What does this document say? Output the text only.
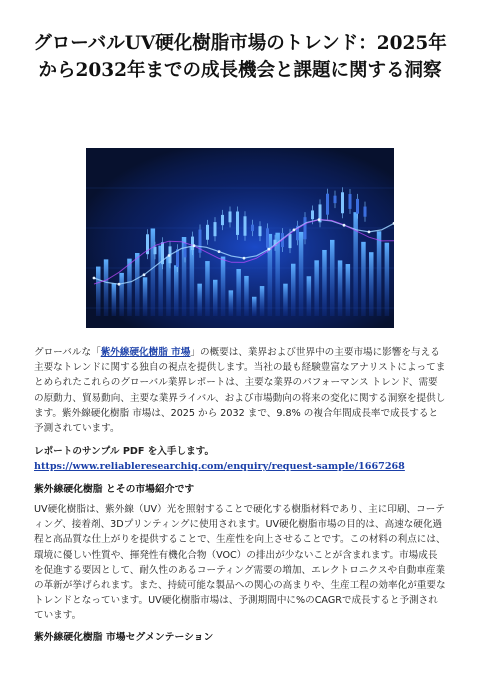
グローバルUV硬化樹脂市場のトレンド：2025年から2032年までの成長機会と課題に関する洞察

グローバルな「紫外線硬化樹脂 市場」の概要は、業界および世界中の主要市場に影響を与える主要なトレンドに関する独自の視点を提供します。当社の最も経験豊富なアナリストによってまとめられたこれらのグローバル業界レポートは、主要な業界のパフォーマンス トレンド、需要の原動力、貿易動向、主要な業界ライバル、および市場動向の将来の変化に関する洞察を提供します。紫外線硬化樹脂 市場は、2025 から 2032 まで、9.8% の複合年間成長率で成長すると予測されています。

レポートのサンプル PDF を入手します。 https://www.reliableresearchiq.com/enquiry/request-sample/1667268

紫外線硬化樹脂 とその市場紹介です

UV硬化樹脂は、紫外線（UV）光を照射することで硬化する樹脂材料であり、主に印刷、コーティング、接着剤、3Dプリンティングに使用されます。UV硬化樹脂市場の目的は、高速な硬化過程と高品質な仕上がりを提供することで、生産性を向上させることです。この材料の利点には、環境に優しい性質や、揮発性有機化合物（VOC）の排出が少ないことが含まれます。市場成長を促進する要因として、耐久性のあるコーティング需要の増加、エレクトロニクスや自動車産業の革新が挙げられます。また、持続可能な製品への関心の高まりや、生産工程の効率化が重要なトレンドとなっています。UV硬化樹脂市場は、予測期間中に%のCAGRで成長すると予測されています。

紫外線硬化樹脂 市場セグメンテーション
